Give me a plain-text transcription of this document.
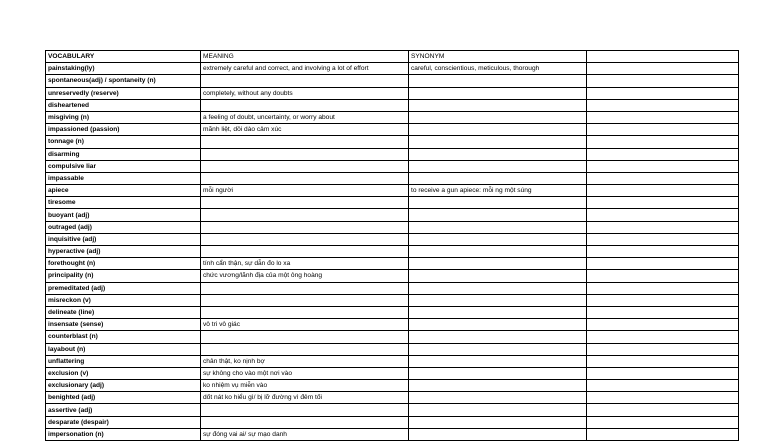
VOCABULARY	MEANING	SYNONYM	
painstaking(ly)	extremely careful and correct, and involving a lot of effort	careful, conscientious, meticulous, thorough	
spontaneous(adj) / spontaneity (n)			
unreservedly (reserve)	completely, without any doubts		
disheartened			
misgiving (n)	a feeling of doubt, uncertainty, or worry about		
impassioned (passion)	mãnh liệt, dồi dào cảm xúc		
tonnage (n)			
disarming			
compulsive liar			
impassable			
apiece	mỗi người	to receive a gun apiece: mỗi ng một súng	
tiresome			
buoyant (adj)			
outraged (adj)			
inquisitive (adj)			
hyperactive (adj)			
forethought (n)	tính cẩn thận, sự dẫn đo lo xa		
principality (n)	chức vương/lãnh địa của một ông hoàng		
premeditated (adj)			
misreckon (v)			
delineate (line)			
insensate (sense)	vô tri vô giác		
counterblast (n)			
layabout (n)			
unflattering	chân thật, ko nịnh bợ		
exclusion (v)	sự không cho vào một nơi vào		
exclusionary (adj)	ko nhiệm vụ miễn vào		
benighted (adj)	dốt nát ko hiểu gì/ bị lỡ đường vì đêm tối		
assertive (adj)			
desparate (despair)			
impersonation (n)	sự đóng vai ai/ sự mạo danh		
